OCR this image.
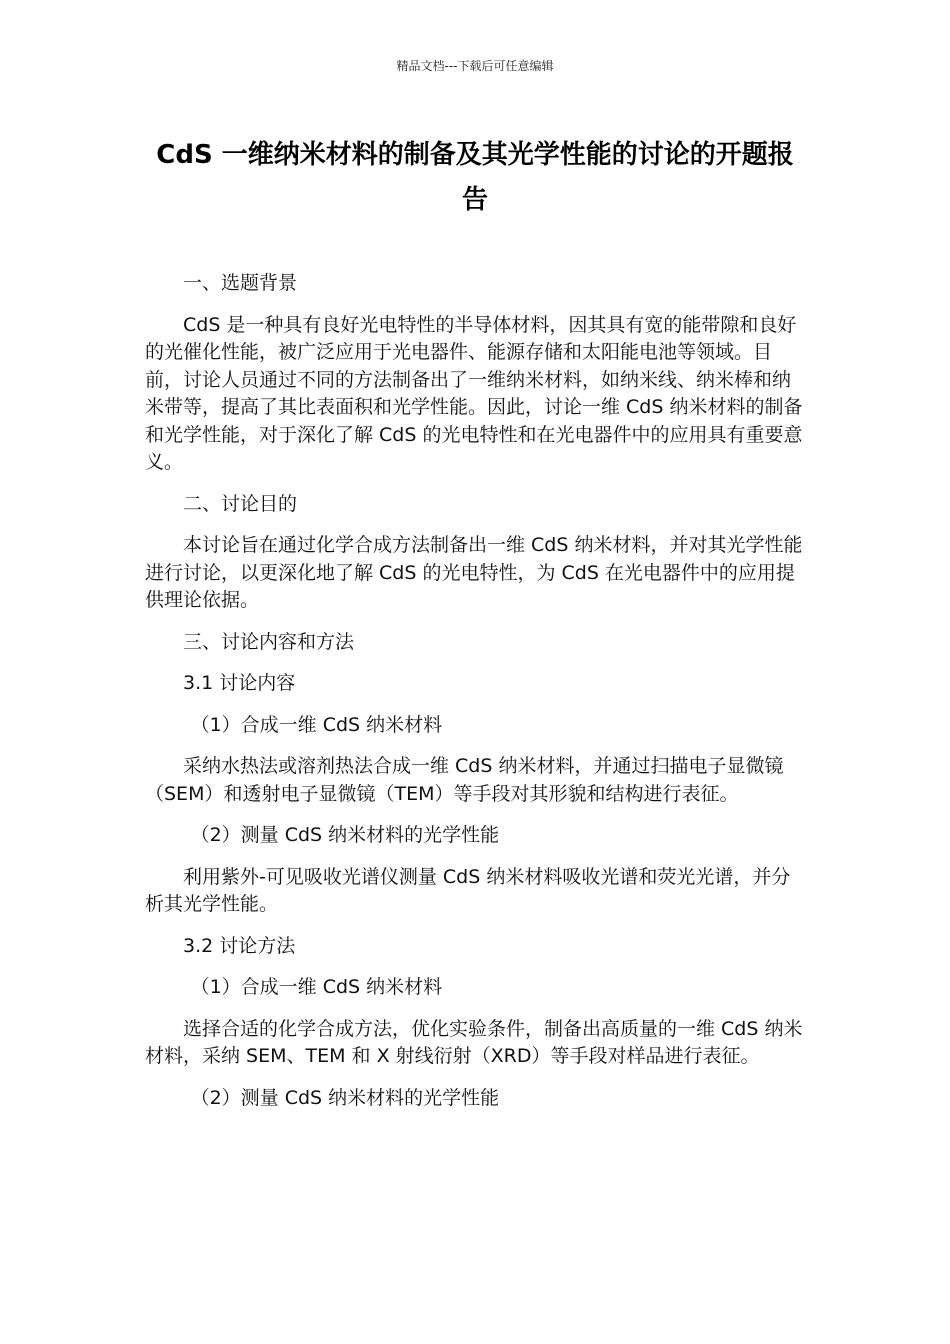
精品文档---下载后可任意编辑
CdS 一维纳米材料的制备及其光学性能的讨论的开题报告

一、选题背景

CdS 是一种具有良好光电特性的半导体材料，因其具有宽的能带隙和良好的光催化性能，被广泛应用于光电器件、能源存储和太阳能电池等领域。目前，讨论人员通过不同的方法制备出了一维纳米材料，如纳米线、纳米棒和纳米带等，提高了其比表面积和光学性能。因此，讨论一维 CdS 纳米材料的制备和光学性能，对于深化了解 CdS 的光电特性和在光电器件中的应用具有重要意义。

二、讨论目的

本讨论旨在通过化学合成方法制备出一维 CdS 纳米材料，并对其光学性能进行讨论，以更深化地了解 CdS 的光电特性，为 CdS 在光电器件中的应用提供理论依据。

三、讨论内容和方法

3.1 讨论内容

（1）合成一维 CdS 纳米材料

采纳水热法或溶剂热法合成一维 CdS 纳米材料，并通过扫描电子显微镜（SEM）和透射电子显微镜（TEM）等手段对其形貌和结构进行表征。

（2）测量 CdS 纳米材料的光学性能

利用紫外-可见吸收光谱仪测量 CdS 纳米材料吸收光谱和荧光光谱，并分析其光学性能。

3.2 讨论方法

（1）合成一维 CdS 纳米材料

选择合适的化学合成方法，优化实验条件，制备出高质量的一维 CdS 纳米材料，采纳 SEM、TEM 和 X 射线衍射（XRD）等手段对样品进行表征。

（2）测量 CdS 纳米材料的光学性能
